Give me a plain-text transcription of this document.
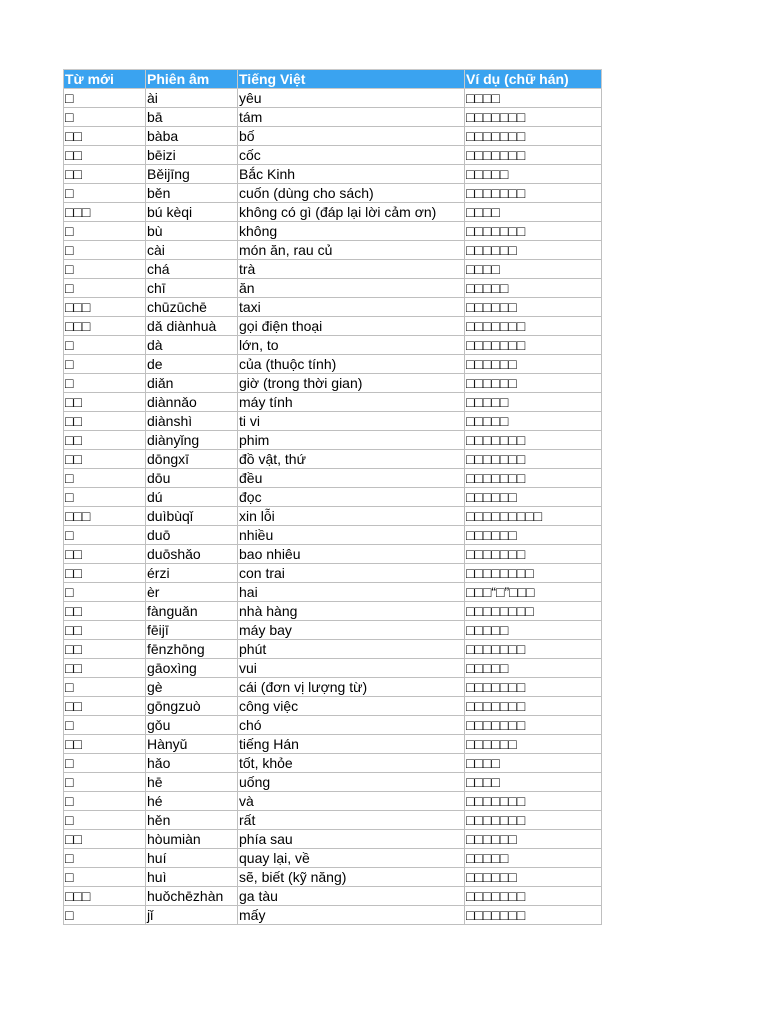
Từ mới	Phiên âm	Tiếng Việt	Ví dụ (chữ hán)
□	ài	yêu	□□□□
□	bā	tám	□□□□□□□
□□	bàba	bố	□□□□□□□
□□	bēizi	cốc	□□□□□□□
□□	Běijīng	Bắc Kinh	□□□□□
□	běn	cuốn (dùng cho sách)	□□□□□□□
□□□	bú kèqi	không có gì (đáp lại lời cảm ơn)	□□□□
□	bù	không	□□□□□□□
□	cài	món ăn, rau củ	□□□□□□
□	chá	trà	□□□□
□	chī	ăn	□□□□□
□□□	chūzūchē	taxi	□□□□□□
□□□	dǎ diànhuà	gọi điện thoại	□□□□□□□
□	dà	lớn, to	□□□□□□□
□	de	của (thuộc tính)	□□□□□□
□	diǎn	giờ (trong thời gian)	□□□□□□
□□	diànnǎo	máy tính	□□□□□
□□	diànshì	ti vi	□□□□□
□□	diànyǐng	phim	□□□□□□□
□□	dōngxī	đồ vật, thứ	□□□□□□□
□	dōu	đều	□□□□□□□
□	dú	đọc	□□□□□□
□□□	duìbùqǐ	xin lỗi	□□□□□□□□□
□	duō	nhiều	□□□□□□
□□	duōshǎo	bao nhiêu	□□□□□□□
□□	érzi	con trai	□□□□□□□□
□	èr	hai	□□□“□”□□□
□□	fànguǎn	nhà hàng	□□□□□□□□
□□	fēijī	máy bay	□□□□□
□□	fēnzhōng	phút	□□□□□□□
□□	gāoxìng	vui	□□□□□
□	gè	cái (đơn vị lượng từ)	□□□□□□□
□□	gōngzuò	công việc	□□□□□□□
□	gǒu	chó	□□□□□□□
□□	Hànyǔ	tiếng Hán	□□□□□□
□	hǎo	tốt, khỏe	□□□□
□	hē	uống	□□□□
□	hé	và	□□□□□□□
□	hěn	rất	□□□□□□□
□□	hòumiàn	phía sau	□□□□□□
□	huí	quay lại, về	□□□□□
□	huì	sẽ, biết (kỹ năng)	□□□□□□
□□□	huǒchēzhàn	ga tàu	□□□□□□□
□	jǐ	mấy	□□□□□□□
